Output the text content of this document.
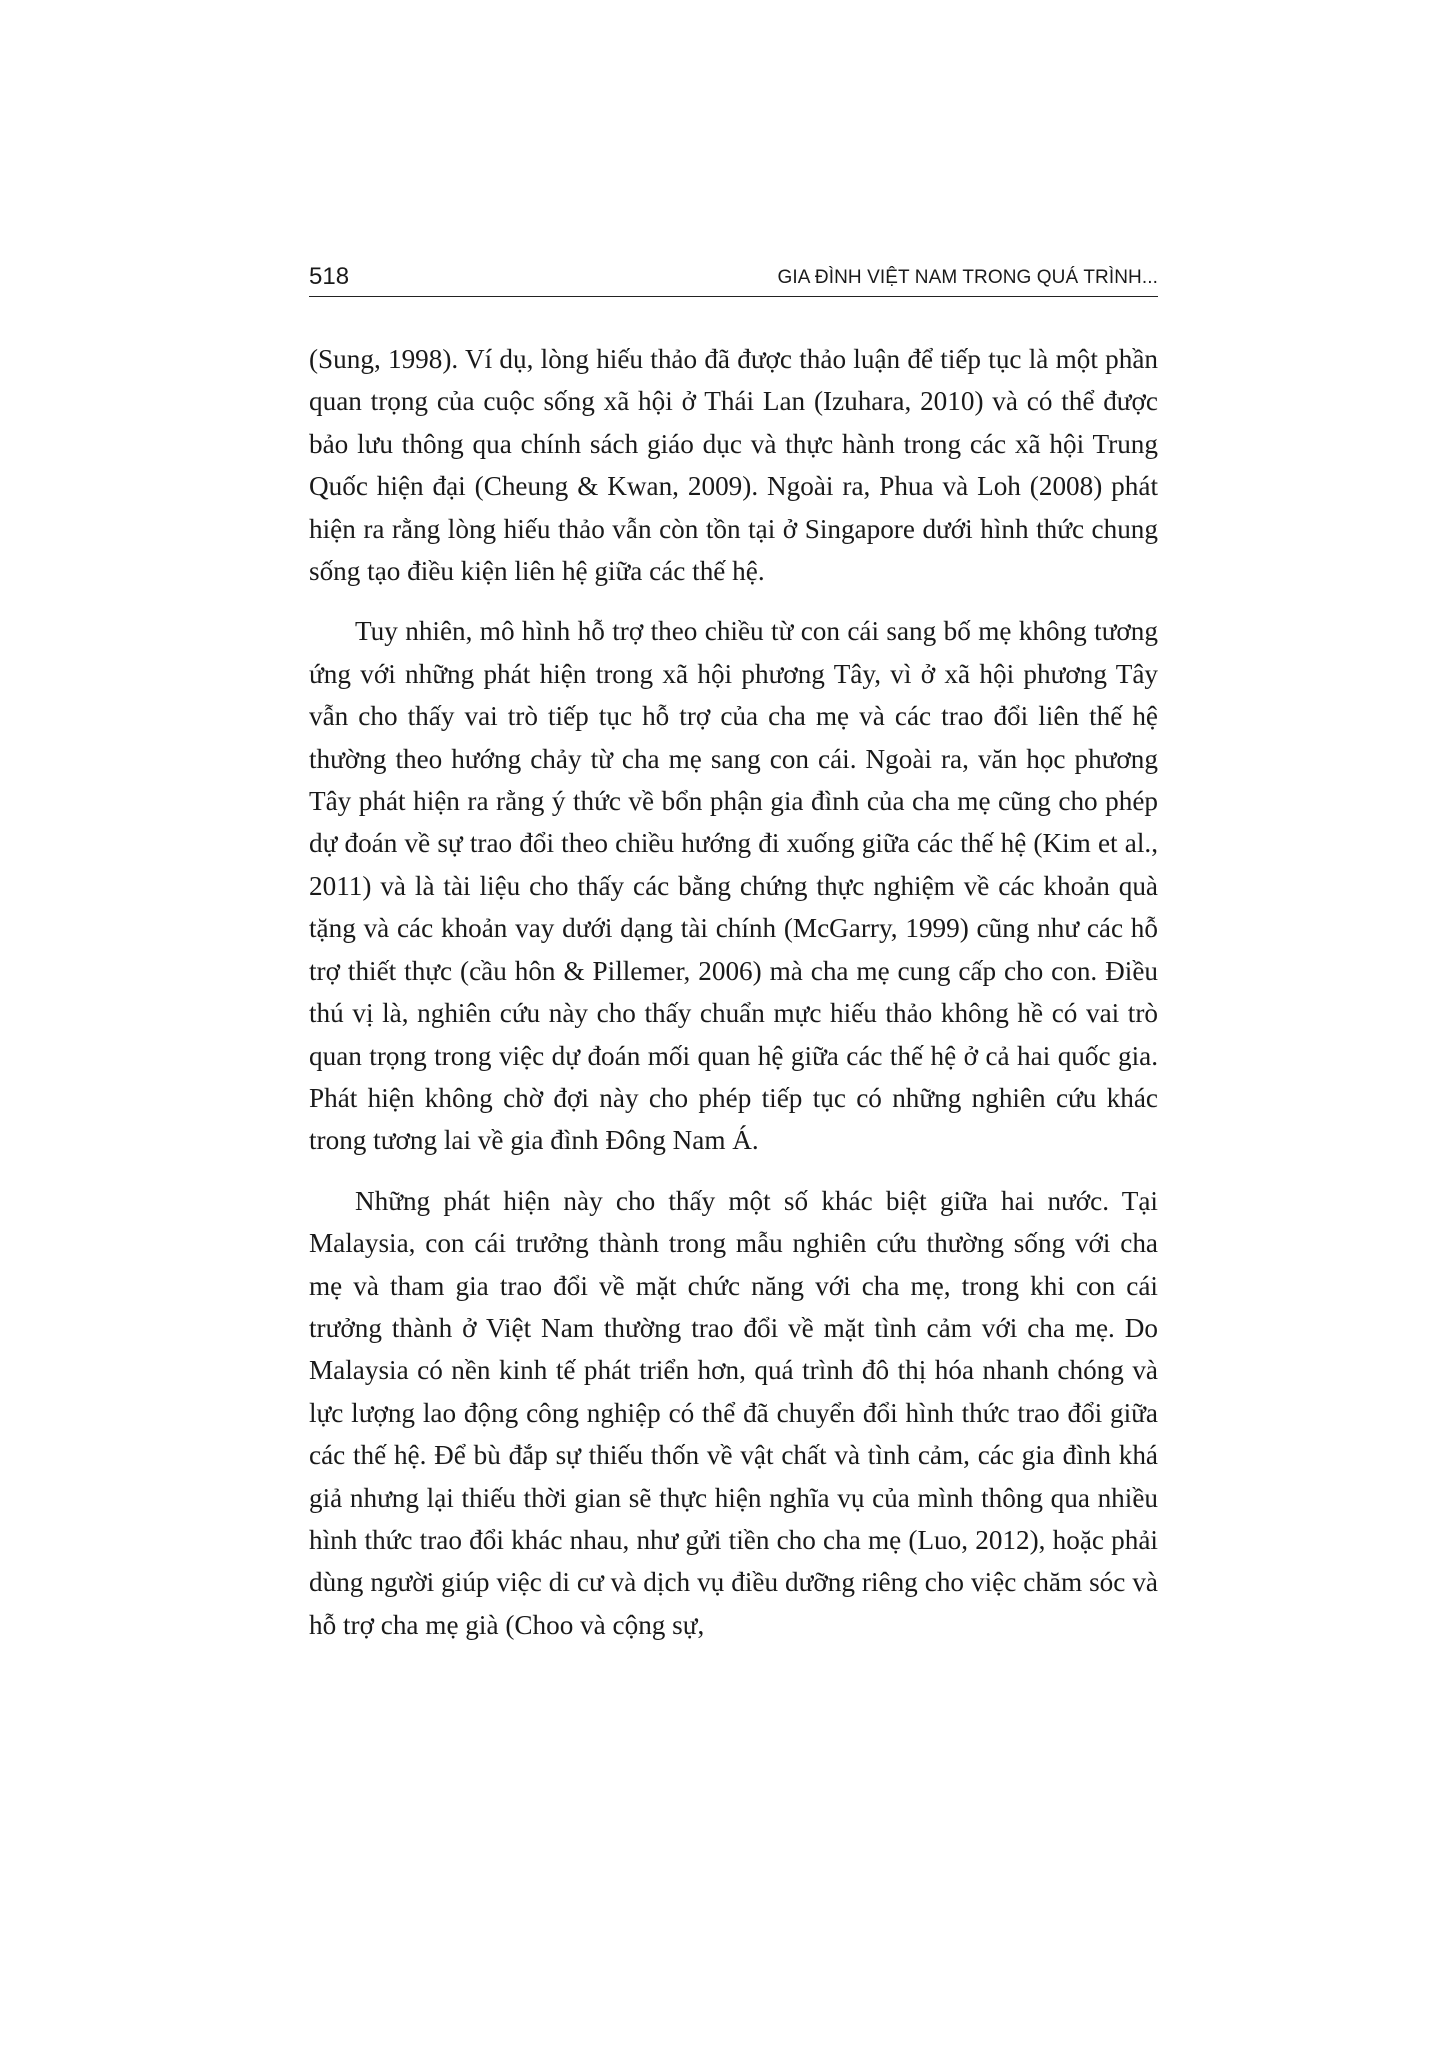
518	GIA ĐÌNH VIỆT NAM TRONG QUÁ TRÌNH...

(Sung, 1998). Ví dụ, lòng hiếu thảo đã được thảo luận để tiếp tục là một phần quan trọng của cuộc sống xã hội ở Thái Lan (Izuhara, 2010) và có thể được bảo lưu thông qua chính sách giáo dục và thực hành trong các xã hội Trung Quốc hiện đại (Cheung & Kwan, 2009). Ngoài ra, Phua và Loh (2008) phát hiện ra rằng lòng hiếu thảo vẫn còn tồn tại ở Singapore dưới hình thức chung sống tạo điều kiện liên hệ giữa các thế hệ.

Tuy nhiên, mô hình hỗ trợ theo chiều từ con cái sang bố mẹ không tương ứng với những phát hiện trong xã hội phương Tây, vì ở xã hội phương Tây vẫn cho thấy vai trò tiếp tục hỗ trợ của cha mẹ và các trao đổi liên thế hệ thường theo hướng chảy từ cha mẹ sang con cái. Ngoài ra, văn học phương Tây phát hiện ra rằng ý thức về bổn phận gia đình của cha mẹ cũng cho phép dự đoán về sự trao đổi theo chiều hướng đi xuống giữa các thế hệ (Kim et al., 2011) và là tài liệu cho thấy các bằng chứng thực nghiệm về các khoản quà tặng và các khoản vay dưới dạng tài chính (McGarry, 1999) cũng như các hỗ trợ thiết thực (cầu hôn & Pillemer, 2006) mà cha mẹ cung cấp cho con. Điều thú vị là, nghiên cứu này cho thấy chuẩn mực hiếu thảo không hề có vai trò quan trọng trong việc dự đoán mối quan hệ giữa các thế hệ ở cả hai quốc gia. Phát hiện không chờ đợi này cho phép tiếp tục có những nghiên cứu khác trong tương lai về gia đình Đông Nam Á.

Những phát hiện này cho thấy một số khác biệt giữa hai nước. Tại Malaysia, con cái trưởng thành trong mẫu nghiên cứu thường sống với cha mẹ và tham gia trao đổi về mặt chức năng với cha mẹ, trong khi con cái trưởng thành ở Việt Nam thường trao đổi về mặt tình cảm với cha mẹ. Do Malaysia có nền kinh tế phát triển hơn, quá trình đô thị hóa nhanh chóng và lực lượng lao động công nghiệp có thể đã chuyển đổi hình thức trao đổi giữa các thế hệ. Để bù đắp sự thiếu thốn về vật chất và tình cảm, các gia đình khá giả nhưng lại thiếu thời gian sẽ thực hiện nghĩa vụ của mình thông qua nhiều hình thức trao đổi khác nhau, như gửi tiền cho cha mẹ (Luo, 2012), hoặc phải dùng người giúp việc di cư và dịch vụ điều dưỡng riêng cho việc chăm sóc và hỗ trợ cha mẹ già (Choo và cộng sự,
